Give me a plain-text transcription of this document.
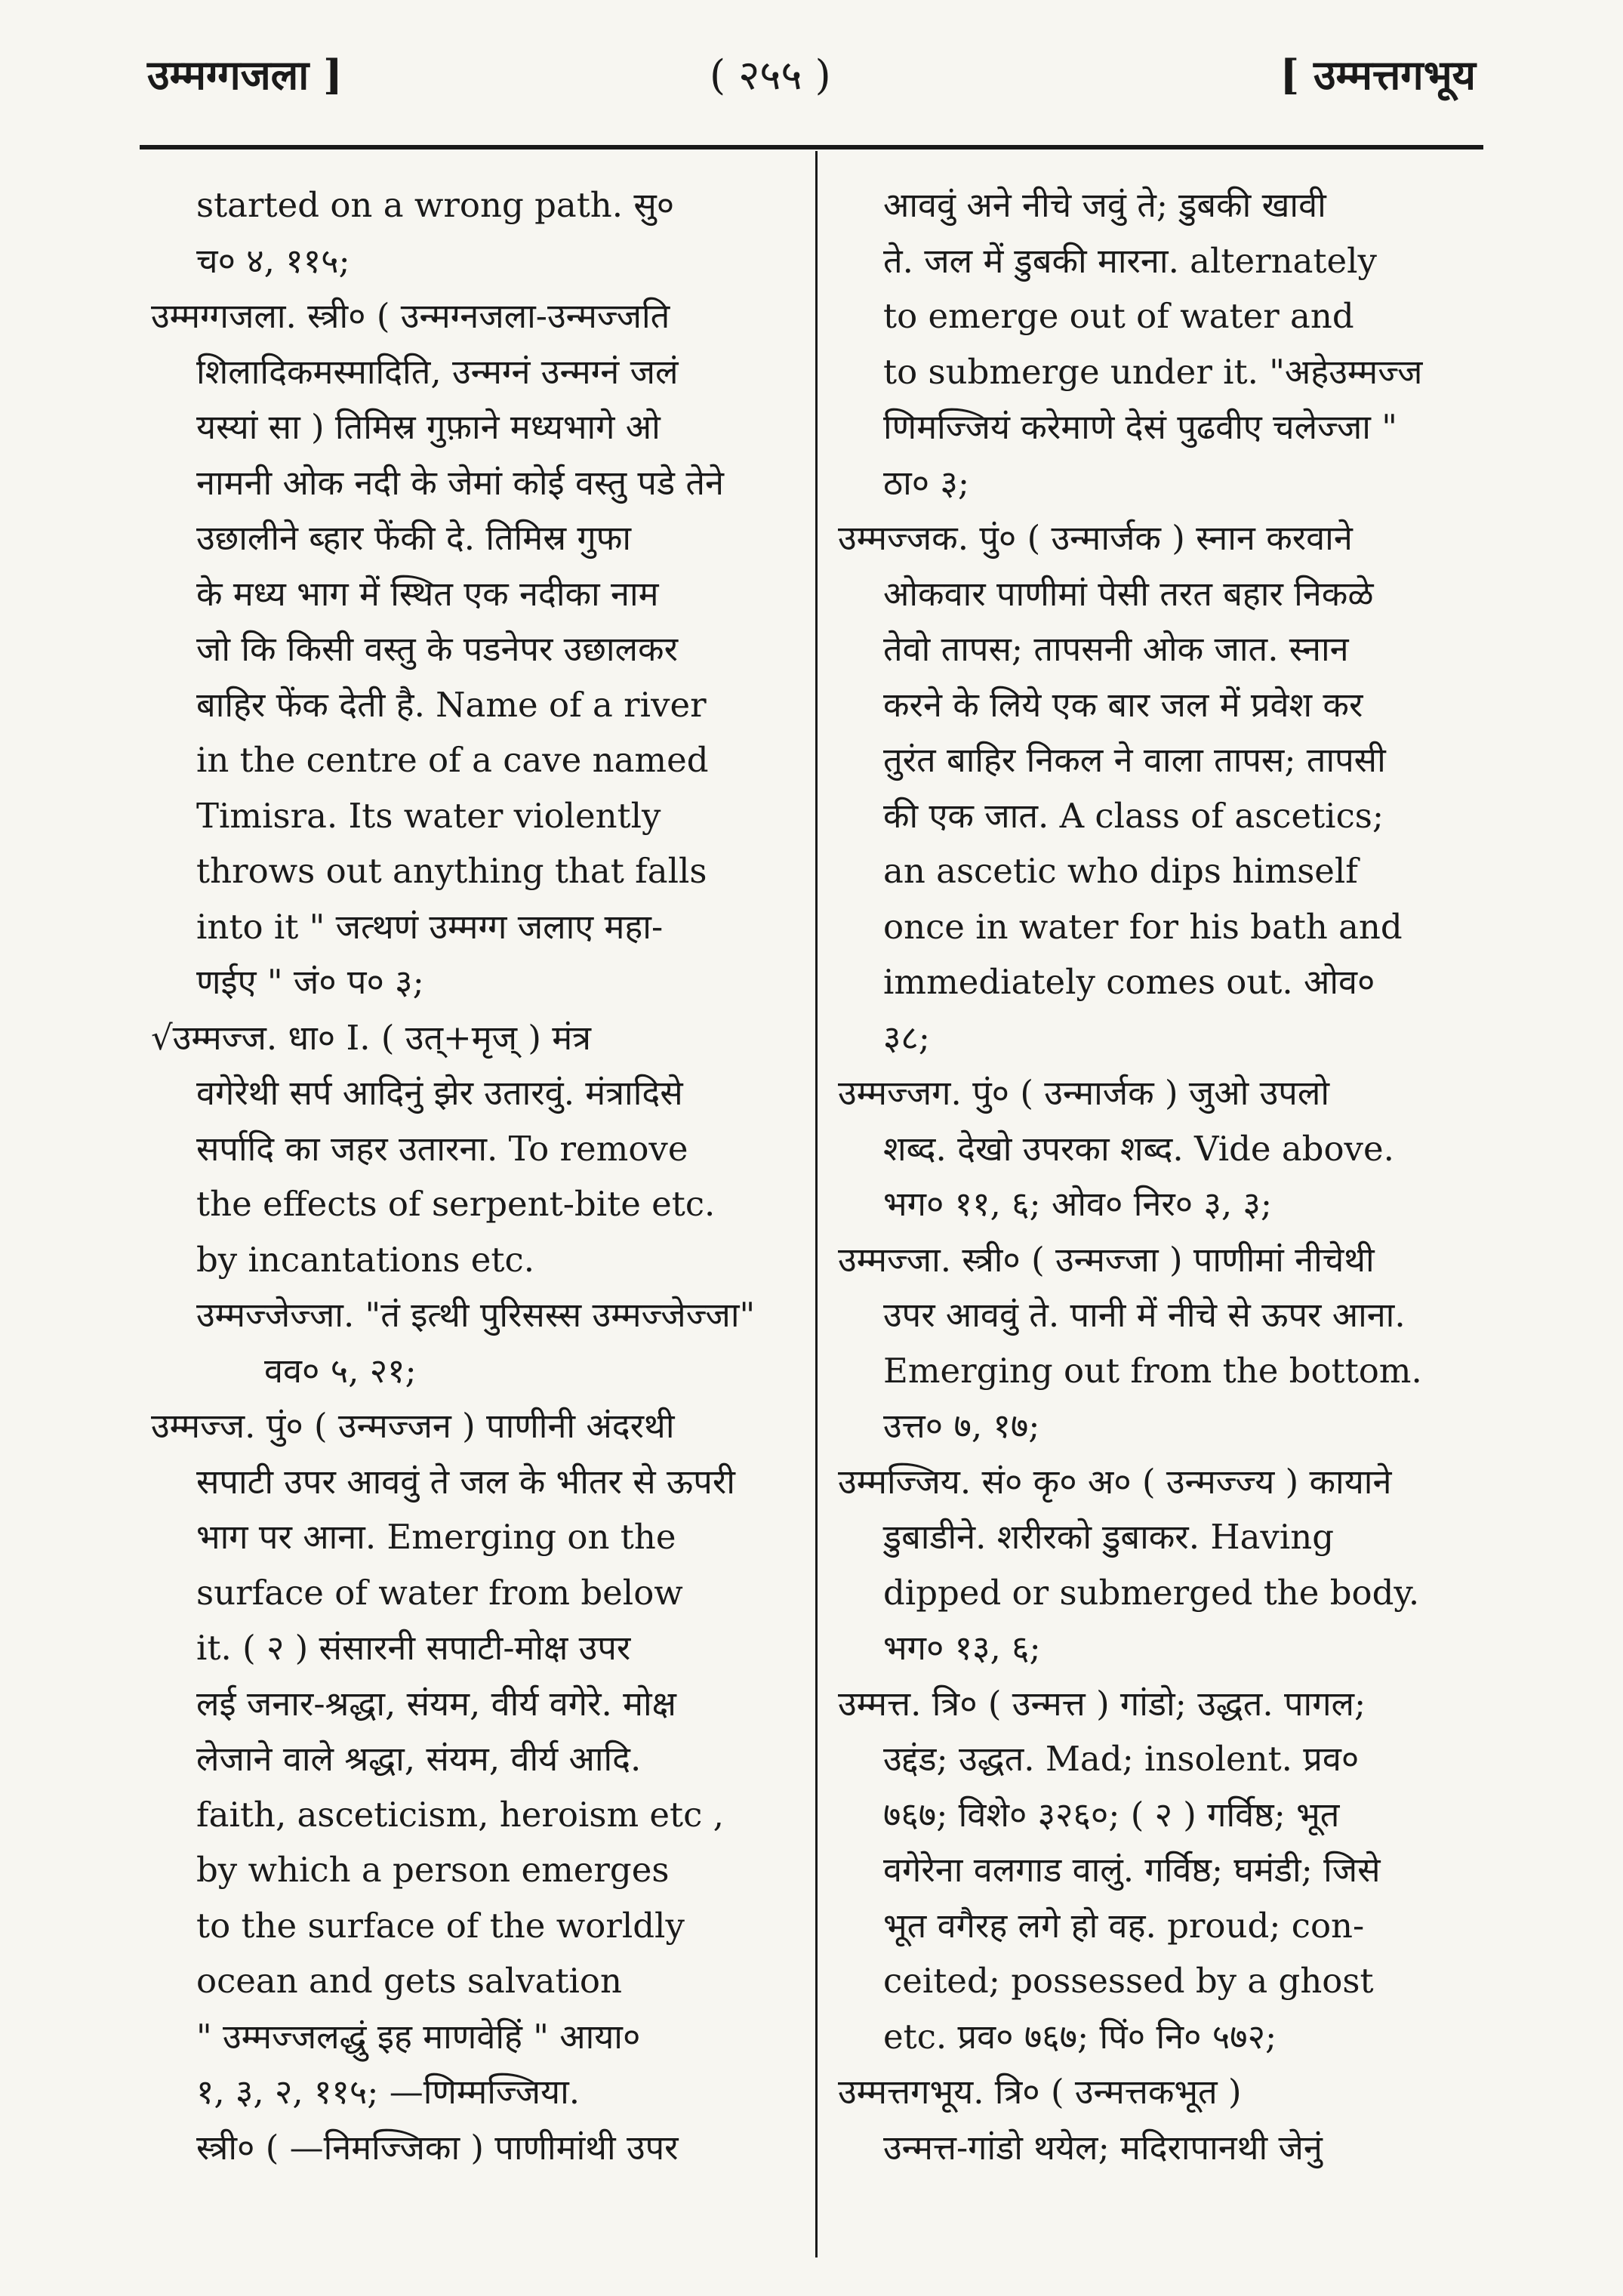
उम्मग्गजला ]	( २५५ )	[ उम्मत्तगभूय
started on a wrong path. सु०
च० ४, ११५;
उम्मग्गजला. स्त्री० ( उन्मग्नजला-उन्मज्जति
शिलादिकमस्मादिति, उन्मग्नं उन्मग्नं जलं
यस्यां सा ) तिमिस्र गुफ़ाने मध्यभागे ओ
नामनी ओक नदी के जेमां कोई वस्तु पडे तेने
उछालीने ब्हार फेंकी दे. तिमिस्र गुफा
के मध्य भाग में स्थित एक नदीका नाम
जो कि किसी वस्तु के पडनेपर उछालकर
बाहिर फेंक देती है. Name of a river
in the centre of a cave named
Timisra. Its water violently
throws out anything that falls
into it " जत्थणं उम्मग्ग जलाए महा-
णईए " जं० प० ३;
√उम्मज्ज. धा० I. ( उत्+मृज् ) मंत्र
वगेरेथी सर्प आदिनुं झेर उतारवुं. मंत्रादिसे
सर्पादि का जहर उतारना. To remove
the effects of serpent-bite etc.
by incantations etc.
उम्मज्जेज्जा. "तं इत्थी पुरिसस्स उम्मज्जेज्जा"
वव० ५, २१;
उम्मज्ज. पुं० ( उन्मज्जन ) पाणीनी अंदरथी
सपाटी उपर आववुं ते जल के भीतर से ऊपरी
भाग पर आना. Emerging on the
surface of water from below
it. ( २ ) संसारनी सपाटी-मोक्ष उपर
लई जनार-श्रद्धा, संयम, वीर्य वगेरे. मोक्ष
लेजाने वाले श्रद्धा, संयम, वीर्य आदि.
faith, asceticism, heroism etc ,
by which a person emerges
to the surface of the worldly
ocean and gets salvation
" उम्मज्जलद्धुं इह माणवेहिं " आया०
१, ३, २, ११५; —णिम्मज्जिया.
स्त्री० ( —निमज्जिका ) पाणीमांथी उपर
आववुं अने नीचे जवुं ते; डुबकी खावी
ते. जल में डुबकी मारना. alternately
to emerge out of water and
to submerge under it. "अहेउम्मज्ज
णिमज्जियं करेमाणे देसं पुढवीए चलेज्जा "
ठा० ३;
उम्मज्जक. पुं० ( उन्मार्जक ) स्नान करवाने
ओकवार पाणीमां पेसी तरत बहार निकळे
तेवो तापस; तापसनी ओक जात. स्नान
करने के लिये एक बार जल में प्रवेश कर
तुरंत बाहिर निकल ने वाला तापस; तापसी
की एक जात. A class of ascetics;
an ascetic who dips himself
once in water for his bath and
immediately comes out. ओव०
३८;
उम्मज्जग. पुं० ( उन्मार्जक ) जुओ उपलो
शब्द. देखो उपरका शब्द. Vide above.
भग० ११, ६; ओव० निर० ३, ३;
उम्मज्जा. स्त्री० ( उन्मज्जा ) पाणीमां नीचेथी
उपर आववुं ते. पानी में नीचे से ऊपर आना.
Emerging out from the bottom.
उत्त० ७, १७;
उम्मज्जिय. सं० कृ० अ० ( उन्मज्ज्य ) कायाने
डुबाडीने. शरीरको डुबाकर. Having
dipped or submerged the body.
भग० १३, ६;
उम्मत्त. त्रि० ( उन्मत्त ) गांडो; उद्धत. पागल;
उद्दंड; उद्धत. Mad; insolent. प्रव०
७६७; विशे० ३२६०; ( २ ) गर्विष्ठ; भूत
वगेरेना वलगाड वालुं. गर्विष्ठ; घमंडी; जिसे
भूत वगैरह लगे हो वह. proud; con-
ceited; possessed by a ghost
etc. प्रव० ७६७; पिं० नि० ५७२;
उम्मत्तगभूय. त्रि० ( उन्मत्तकभूत )
उन्मत्त-गांडो थयेल; मदिरापानथी जेनुं
